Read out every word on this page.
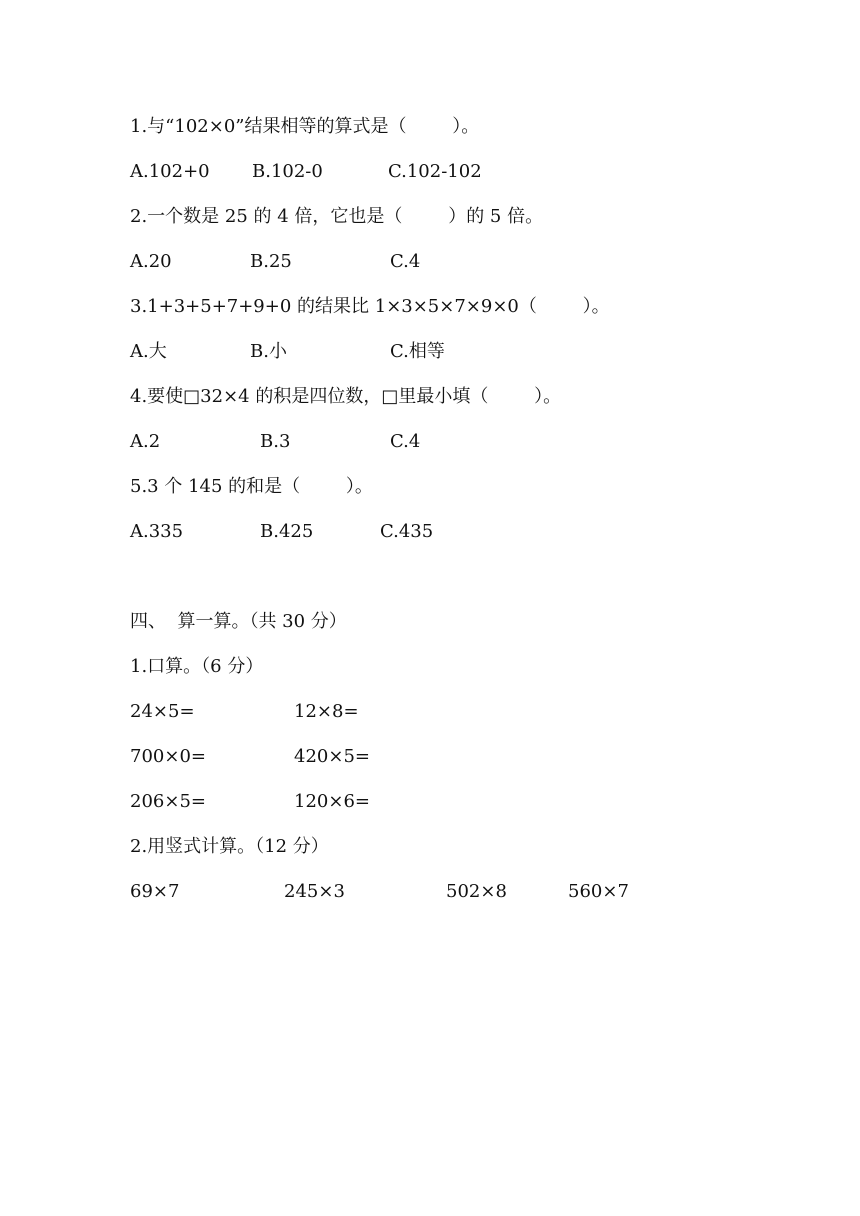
1.与“102×0”结果相等的算式是（        ）。
A.102+0 B.102-0	C.102-102
2.一个数是 25 的 4 倍，它也是（        ）的 5 倍。
A.20	B.25	C.4
3.1+3+5+7+9+0 的结果比 1×3×5×7×9×0（        ）。
A.大	B.小	C.相等
4.要使□32×4 的积是四位数，□里最小填（        ）。
A.2	B.3	C.4
5.3 个 145 的和是（        ）。
A.335	B.425	C.435
四、  算一算。（共 30 分）
1.口算。（6 分）
24×5=	12×8=
700×0=	420×5=
206×5=	120×6=
2.用竖式计算。（12 分）
69×7	245×3	502×8	560×7
